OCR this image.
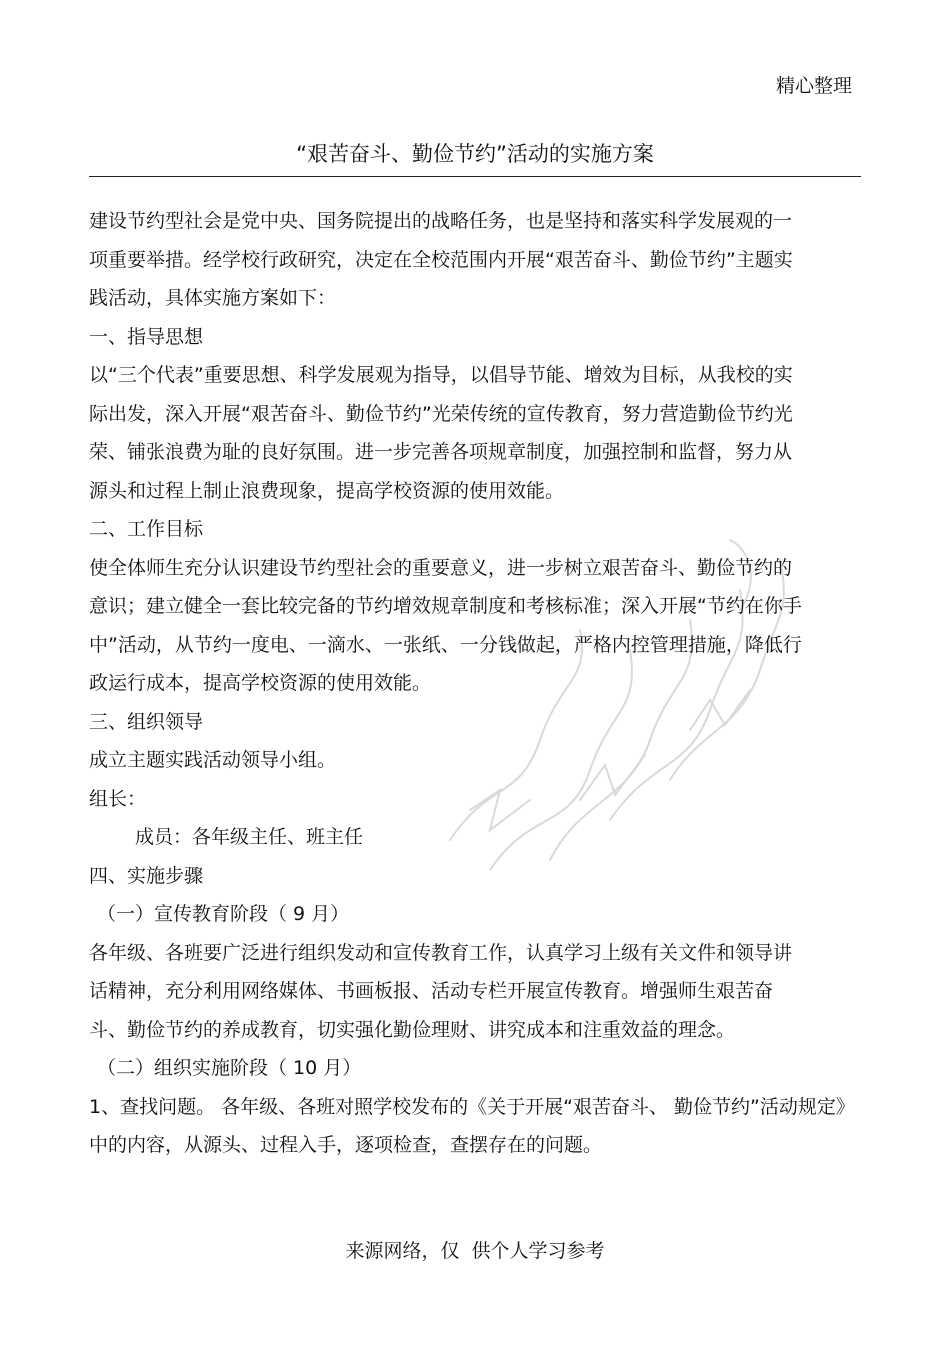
精心整理
“艰苦奋斗、勤俭节约”活动的实施方案

建设节约型社会是党中央、国务院提出的战略任务，也是坚持和落实科学发展观的一项重要举措。经学校行政研究，决定在全校范围内开展“艰苦奋斗、勤俭节约”主题实践活动，具体实施方案如下：

一、指导思想

以“三个代表”重要思想、科学发展观为指导，以倡导节能、增效为目标，从我校的实际出发，深入开展“艰苦奋斗、勤俭节约”光荣传统的宣传教育，努力营造勤俭节约光荣、铺张浪费为耻的良好氛围。进一步完善各项规章制度，加强控制和监督，努力从源头和过程上制止浪费现象，提高学校资源的使用效能。

二、工作目标

使全体师生充分认识建设节约型社会的重要意义，进一步树立艰苦奋斗、勤俭节约的意识；建立健全一套比较完备的节约增效规章制度和考核标准；深入开展“节约在你手中”活动，从节约一度电、一滴水、一张纸、一分钱做起，严格内控管理措施，降低行政运行成本，提高学校资源的使用效能。

三、组织领导

成立主题实践活动领导小组。

组长：

成员：各年级主任、班主任

四、实施步骤

（一）宣传教育阶段（ 9 月）

各年级、各班要广泛进行组织发动和宣传教育工作，认真学习上级有关文件和领导讲话精神，充分利用网络媒体、书画板报、活动专栏开展宣传教育。增强师生艰苦奋斗、勤俭节约的养成教育，切实强化勤俭理财、讲究成本和注重效益的理念。

（二）组织实施阶段（ 10 月）

1、查找问题。 各年级、各班对照学校发布的《关于开展“艰苦奋斗、 勤俭节约”活动规定》中的内容，从源头、过程入手，逐项检查，查摆存在的问题。

来源网络，仅  供个人学习参考
